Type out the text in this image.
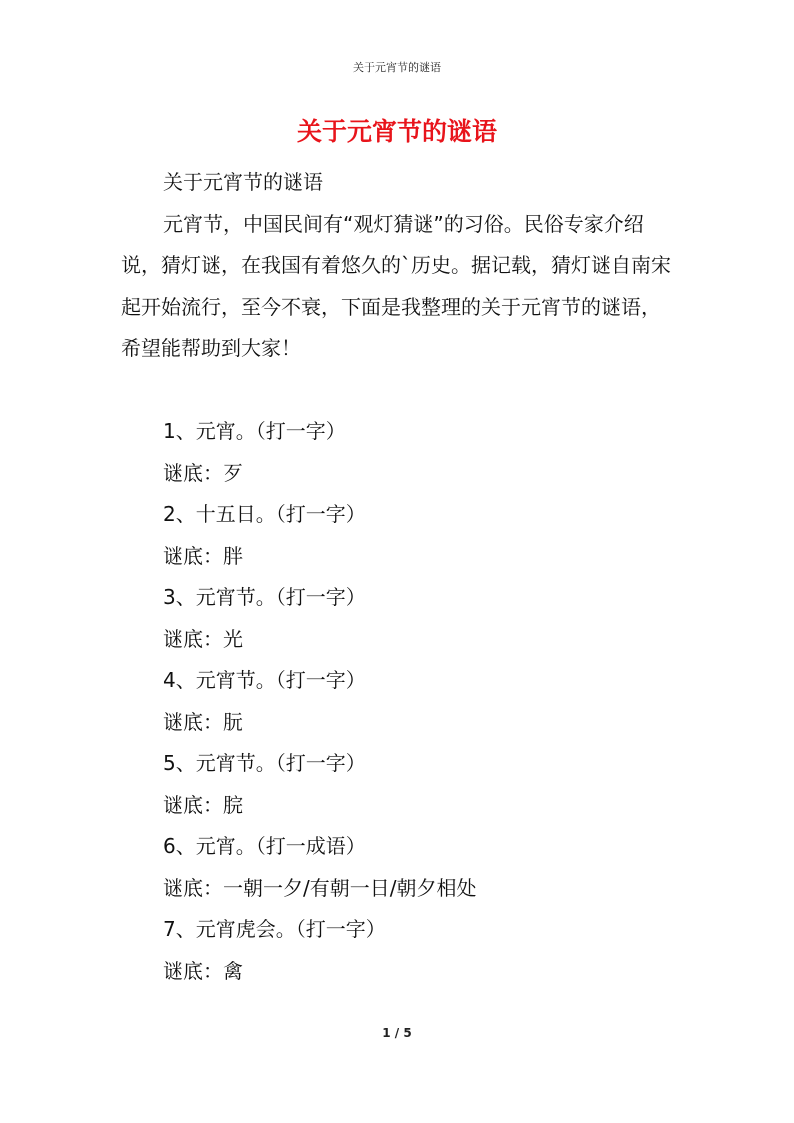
关于元宵节的谜语
关于元宵节的谜语

关于元宵节的谜语

元宵节，中国民间有“观灯猜谜”的习俗。民俗专家介绍说，猜灯谜，在我国有着悠久的`历史。据记载，猜灯谜自南宋起开始流行，至今不衰，下面是我整理的关于元宵节的谜语，希望能帮助到大家！

1、元宵。（打一字）
谜底：歹
2、十五日。（打一字）
谜底：胖
3、元宵节。（打一字）
谜底：光
4、元宵节。（打一字）
谜底：朊
5、元宵节。（打一字）
谜底：脘
6、元宵。（打一成语）
谜底：一朝一夕/有朝一日/朝夕相处
7、元宵虎会。（打一字）
谜底：禽
1 / 5
